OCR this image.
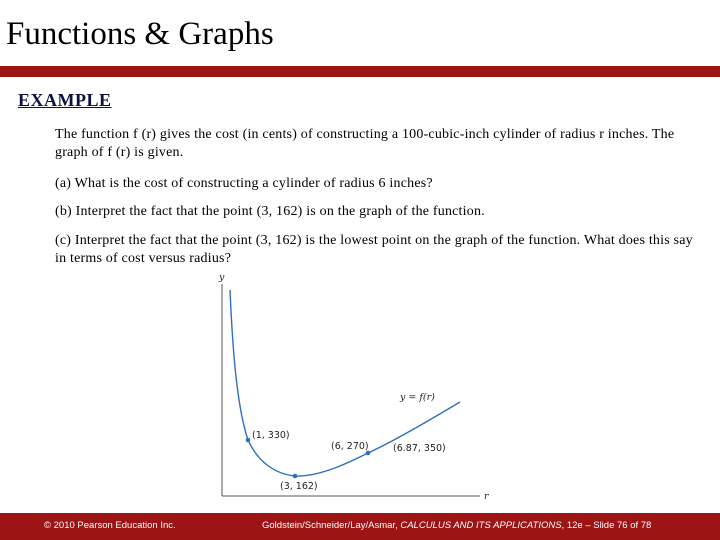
Functions & Graphs
EXAMPLE
The function f (r) gives the cost (in cents) of constructing a 100-cubic-inch cylinder of radius r inches. The graph of f (r) is given.
(a) What is the cost of constructing a cylinder of radius 6 inches?
(b) Interpret the fact that the point (3, 162) is on the graph of the function.
(c) Interpret the fact that the point (3, 162) is the lowest point on the graph of the function. What does this say in terms of cost versus radius?
y
r
(1, 330)
(3, 162)
(6, 270)	(6.87, 350)
y = f(r)
© 2010 Pearson Education Inc.	Goldstein/Schneider/Lay/Asmar, CALCULUS AND ITS APPLICATIONS, 12e – Slide 76 of 78
